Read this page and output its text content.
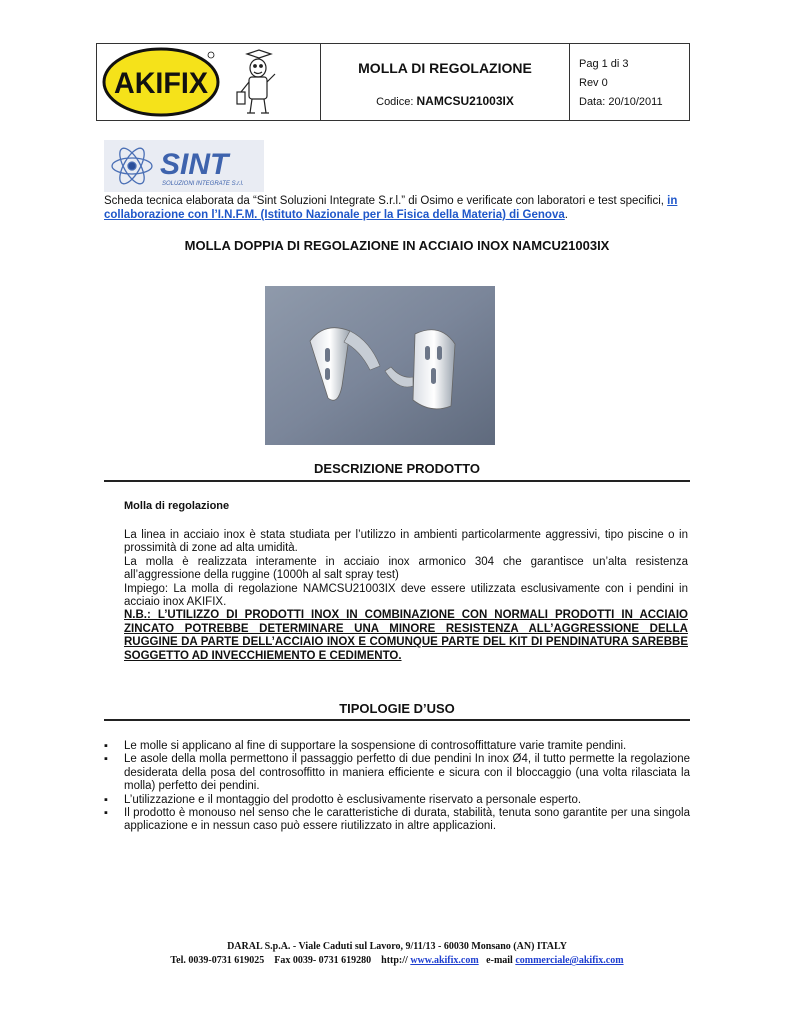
AKIFIX	MOLLA DI REGOLAZIONE
Codice: NAMCSU21003IX
Pag 1 di 3
Rev 0
Data: 20/10/2011
SINT
SOLUZIONI INTEGRATE S.r.l.
Scheda tecnica elaborata da “Sint Soluzioni Integrate S.r.l.” di Osimo e verificate con laboratori e test specifici, in collaborazione con l’I.N.F.M. (Istituto Nazionale per la Fisica della Materia) di Genova.
MOLLA DOPPIA DI REGOLAZIONE IN ACCIAIO INOX NAMCU21003IX
DESCRIZIONE PRODOTTO
Molla di regolazione

La linea in acciaio inox è stata studiata per l’utilizzo in ambienti particolarmente aggressivi, tipo piscine o in prossimità di zone ad alta umidità.

La molla è realizzata interamente in acciaio inox armonico 304 che garantisce un’alta resistenza all’aggressione della ruggine (1000h al salt spray test)

Impiego: La molla di regolazione NAMCSU21003IX deve essere utilizzata esclusivamente con i pendini in acciaio inox AKIFIX.

N.B.: L’UTILIZZO DI PRODOTTI INOX IN COMBINAZIONE CON NORMALI PRODOTTI IN ACCIAIO ZINCATO POTREBBE DETERMINARE UNA MINORE RESISTENZA ALL’AGGRESSIONE DELLA RUGGINE DA PARTE DELL’ACCIAIO INOX E COMUNQUE PARTE DEL KIT DI PENDINATURA SAREBBE SOGGETTO AD INVECCHIEMENTO E CEDIMENTO.

TIPOLOGIE D’USO
▪ Le molle si applicano al fine di supportare la sospensione di controsoffittature varie tramite pendini.
▪ Le asole della molla permettono il passaggio perfetto di due pendini In inox Ø4, il tutto permette la regolazione desiderata della posa del controsoffitto in maniera efficiente e sicura con il bloccaggio (una volta rilasciata la molla) perfetto dei pendini.
▪ L’utilizzazione e il montaggio del prodotto è esclusivamente riservato a personale esperto.
▪ Il prodotto è monouso nel senso che le caratteristiche di durata, stabilità, tenuta sono garantite per una singola applicazione e in nessun caso può essere riutilizzato in altre applicazioni.
DARAL S.p.A. - Viale Caduti sul Lavoro, 9/11/13 - 60030 Monsano (AN) ITALY
Tel. 0039-0731 619025    Fax 0039- 0731 619280    http:// www.akifix.com   e-mail commerciale@akifix.com
